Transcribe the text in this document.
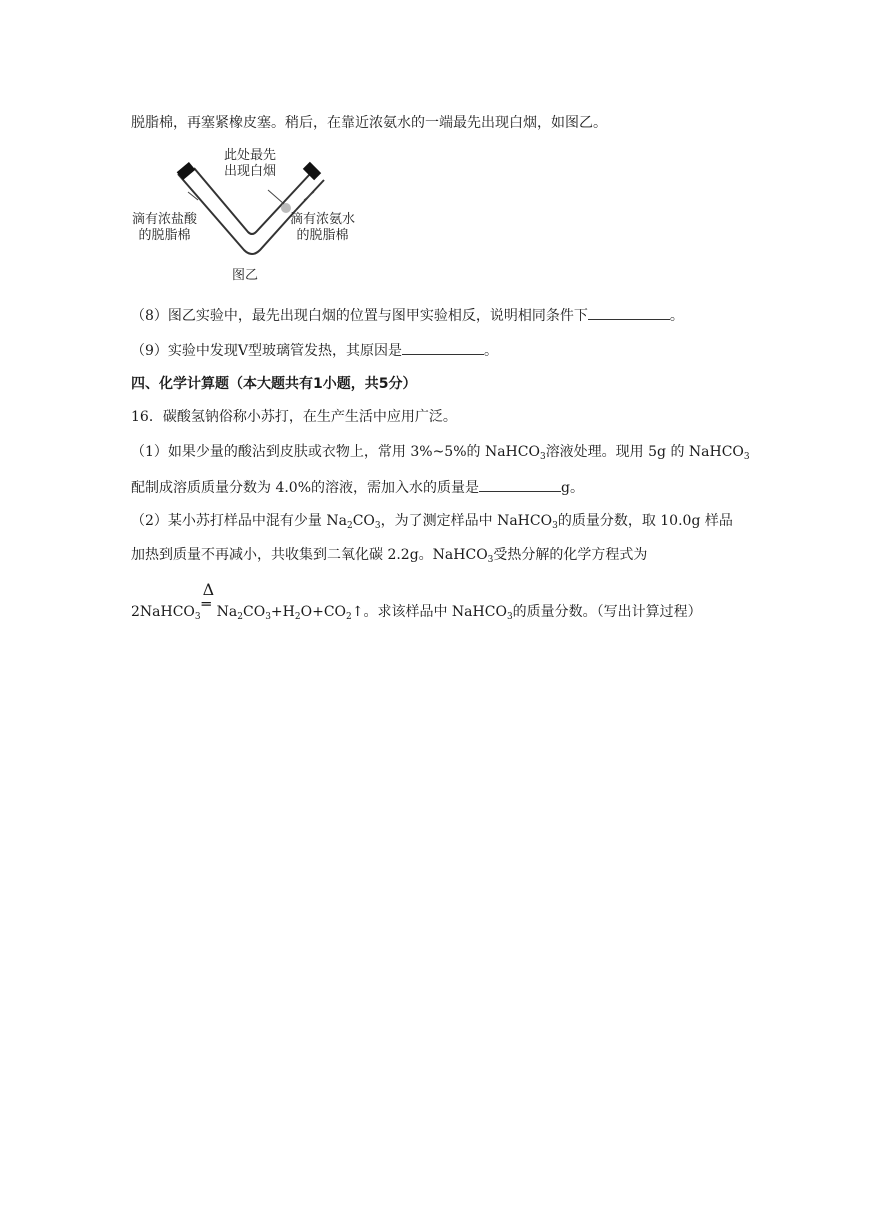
脱脂棉，再塞紧橡皮塞。稍后，在靠近浓氨水的一端最先出现白烟，如图乙。
此处最先
出现白烟
滴有浓盐酸
的脱脂棉
滴有浓氨水
的脱脂棉
图乙
（8）图乙实验中，最先出现白烟的位置与图甲实验相反，说明相同条件下	。
（9）实验中发现Ⅴ型玻璃管发热，其原因是	。
四、化学计算题（本大题共有1小题，共5分）
16．碳酸氢钠俗称小苏打，在生产生活中应用广泛。
（1）如果少量的酸沾到皮肤或衣物上，常用 3%~5%的 NaHCO$_3$溶液处理。现用 5g 的 NaHCO$_3$
配制成溶质质量分数为 4.0%的溶液，需加入水的质量是	g。
（2）某小苏打样品中混有少量 $Na_2CO_3$，为了测定样品中 NaHCO$_3$的质量分数，取 10.0g 样品
加热到质量不再减小，共收集到二氧化碳 2.2g。NaHCO$_3$受热分解的化学方程式为
2NaHCO$_3$
Δ
═ $Na_2CO_3+H_2O+CO_2↑$。求该样品中 NaHCO$_3$的质量分数。（写出计算过程）
